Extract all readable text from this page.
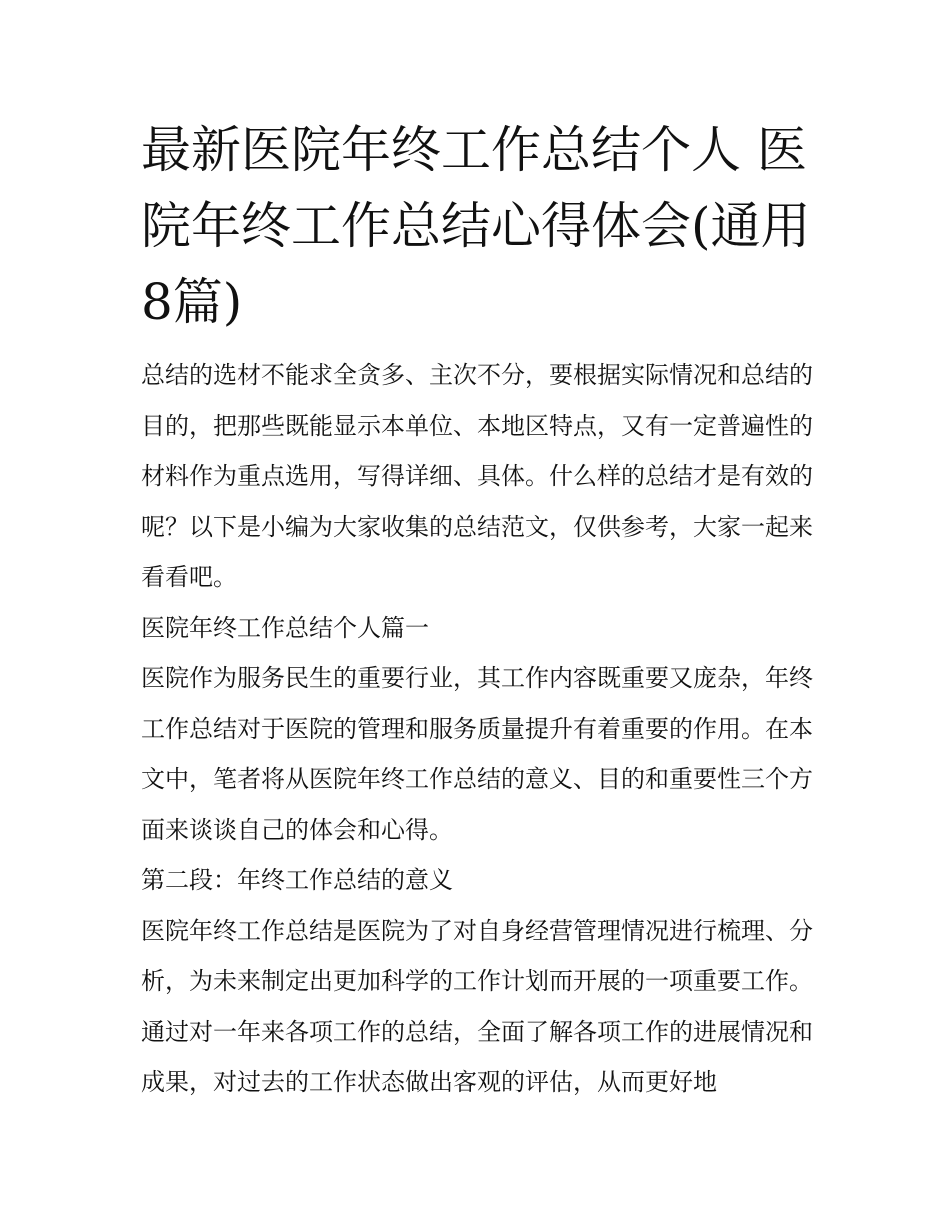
最新医院年终工作总结个人 医院年终工作总结心得体会(通用8篇)

总结的选材不能求全贪多、主次不分，要根据实际情况和总结的目的，把那些既能显示本单位、本地区特点，又有一定普遍性的材料作为重点选用，写得详细、具体。什么样的总结才是有效的呢？以下是小编为大家收集的总结范文，仅供参考，大家一起来看看吧。

医院年终工作总结个人篇一

医院作为服务民生的重要行业，其工作内容既重要又庞杂，年终工作总结对于医院的管理和服务质量提升有着重要的作用。在本文中，笔者将从医院年终工作总结的意义、目的和重要性三个方面来谈谈自己的体会和心得。

第二段：年终工作总结的意义

医院年终工作总结是医院为了对自身经营管理情况进行梳理、分析，为未来制定出更加科学的工作计划而开展的一项重要工作。通过对一年来各项工作的总结，全面了解各项工作的进展情况和成果，对过去的工作状态做出客观的评估，从而更好地
